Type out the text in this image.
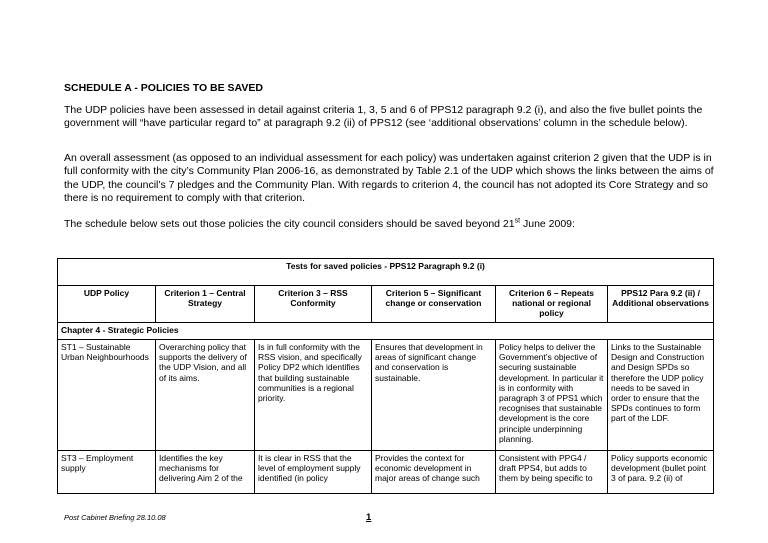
SCHEDULE A - POLICIES TO BE SAVED
The UDP policies have been assessed in detail against criteria 1, 3, 5 and 6 of PPS12 paragraph 9.2 (i), and also the five bullet points the government will “have particular regard to” at paragraph 9.2 (ii) of PPS12 (see ‘additional observations’ column in the schedule below).
An overall assessment (as opposed to an individual assessment for each policy) was undertaken against criterion 2 given that the UDP is in full conformity with the city’s Community Plan 2006-16, as demonstrated by Table 2.1 of the UDP which shows the links between the aims of the UDP, the council’s 7 pledges and the Community Plan. With regards to criterion 4, the council has not adopted its Core Strategy and so there is no requirement to comply with that criterion.
The schedule below sets out those policies the city council considers should be saved beyond 21st June 2009:
Tests for saved policies - PPS12 Paragraph 9.2 (i)					
UDP Policy	Criterion 1 – Central Strategy	Criterion 3 – RSS Conformity	Criterion 5 – Significant change or conservation	Criterion 6 – Repeats national or regional policy	PPS12 Para 9.2 (ii) / Additional observations
Chapter 4 - Strategic Policies					
ST1 – Sustainable Urban Neighbourhoods	Overarching policy that supports the delivery of the UDP Vision, and all of its aims.	Is in full conformity with the RSS vision, and specifically Policy DP2 which identifies that building sustainable communities is a regional priority.	Ensures that development in areas of significant change and conservation is sustainable.	Policy helps to deliver the Government’s objective of securing sustainable development. In particular it is in conformity with paragraph 3 of PPS1 which recognises that sustainable development is the core principle underpinning planning.	Links to the Sustainable Design and Construction and Design SPDs so therefore the UDP policy needs to be saved in order to ensure that the SPDs continues to form part of the LDF.
ST3 – Employment supply	Identifies the key mechanisms for delivering Aim 2 of the	It is clear in RSS that the level of employment supply identified (in policy	Provides the context for economic development in major areas of change such	Consistent with PPG4 / draft PPS4, but adds to them by being specific to	Policy supports economic development (bullet point 3 of para. 9.2 (ii) of
Post Cabinet Briefing 28.10.08	1
